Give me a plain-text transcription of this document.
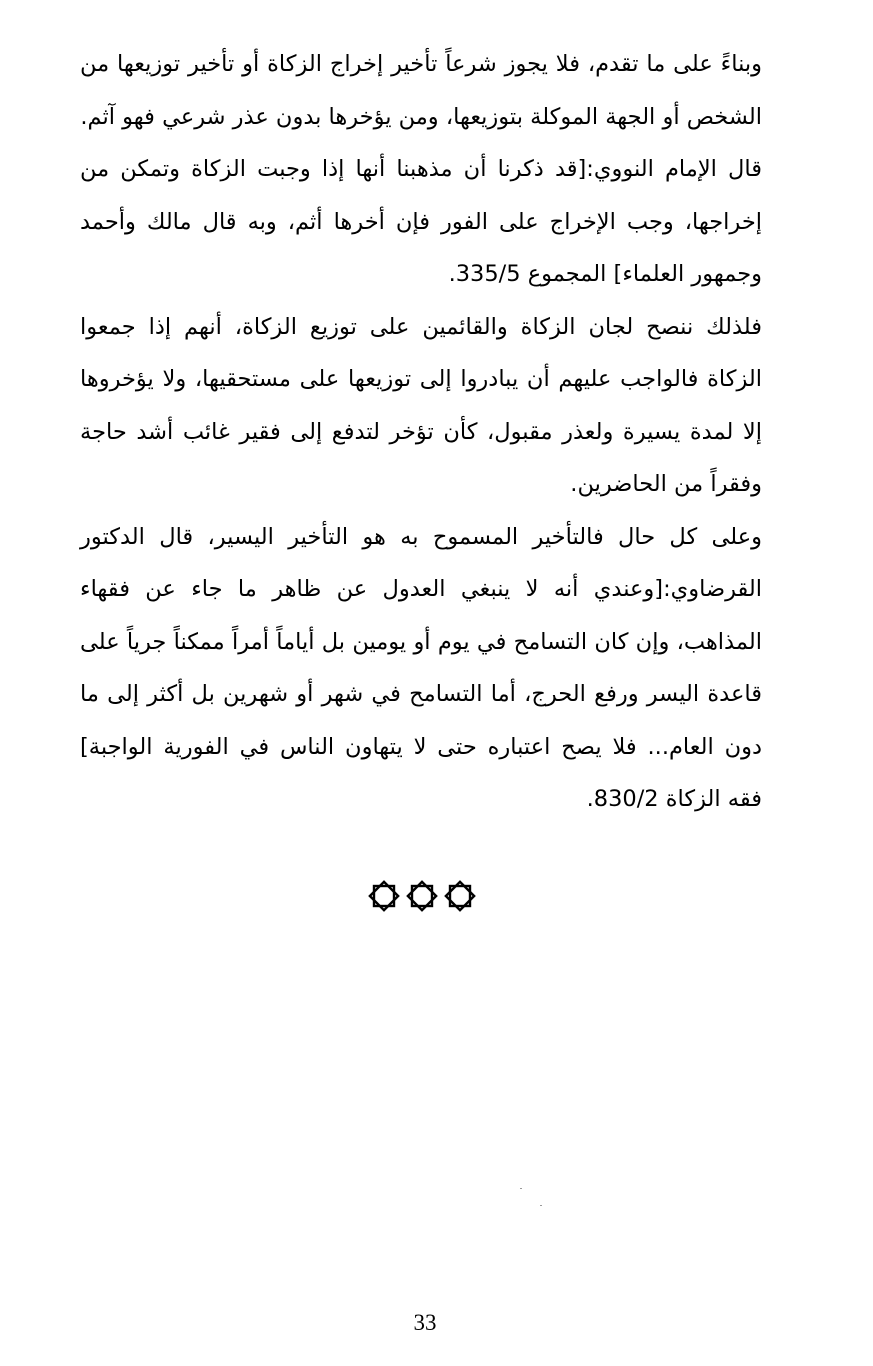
وبناءً على ما تقدم، فلا يجوز شرعاً تأخير إخراج الزكاة أو تأخير توزيعها من الشخص أو الجهة الموكلة بتوزيعها، ومن يؤخرها بدون عذر شرعي فهو آثم.

قال الإمام النووي:[قد ذكرنا أن مذهبنا أنها إذا وجبت الزكاة وتمكن من إخراجها، وجب الإخراج على الفور فإن أخرها أثم، وبه قال مالك وأحمد وجمهور العلماء] المجموع 335/5.

فلذلك ننصح لجان الزكاة والقائمين على توزيع الزكاة، أنهم إذا جمعوا الزكاة فالواجب عليهم أن يبادروا إلى توزيعها على مستحقيها، ولا يؤخروها إلا لمدة يسيرة ولعذر مقبول، كأن تؤخر لتدفع إلى فقير غائب أشد حاجة وفقراً من الحاضرين.

وعلى كل حال فالتأخير المسموح به هو التأخير اليسير، قال الدكتور القرضاوي:[وعندي أنه لا ينبغي العدول عن ظاهر ما جاء عن فقهاء المذاهب، وإن كان التسامح في يوم أو يومين بل أياماً أمراً ممكناً جرياً على قاعدة اليسر ورفع الحرج، أما التسامح في شهر أو شهرين بل أكثر إلى ما دون العام... فلا يصح اعتباره حتى لا يتهاون الناس في الفورية الواجبة] فقه الزكاة 830/2.

33
